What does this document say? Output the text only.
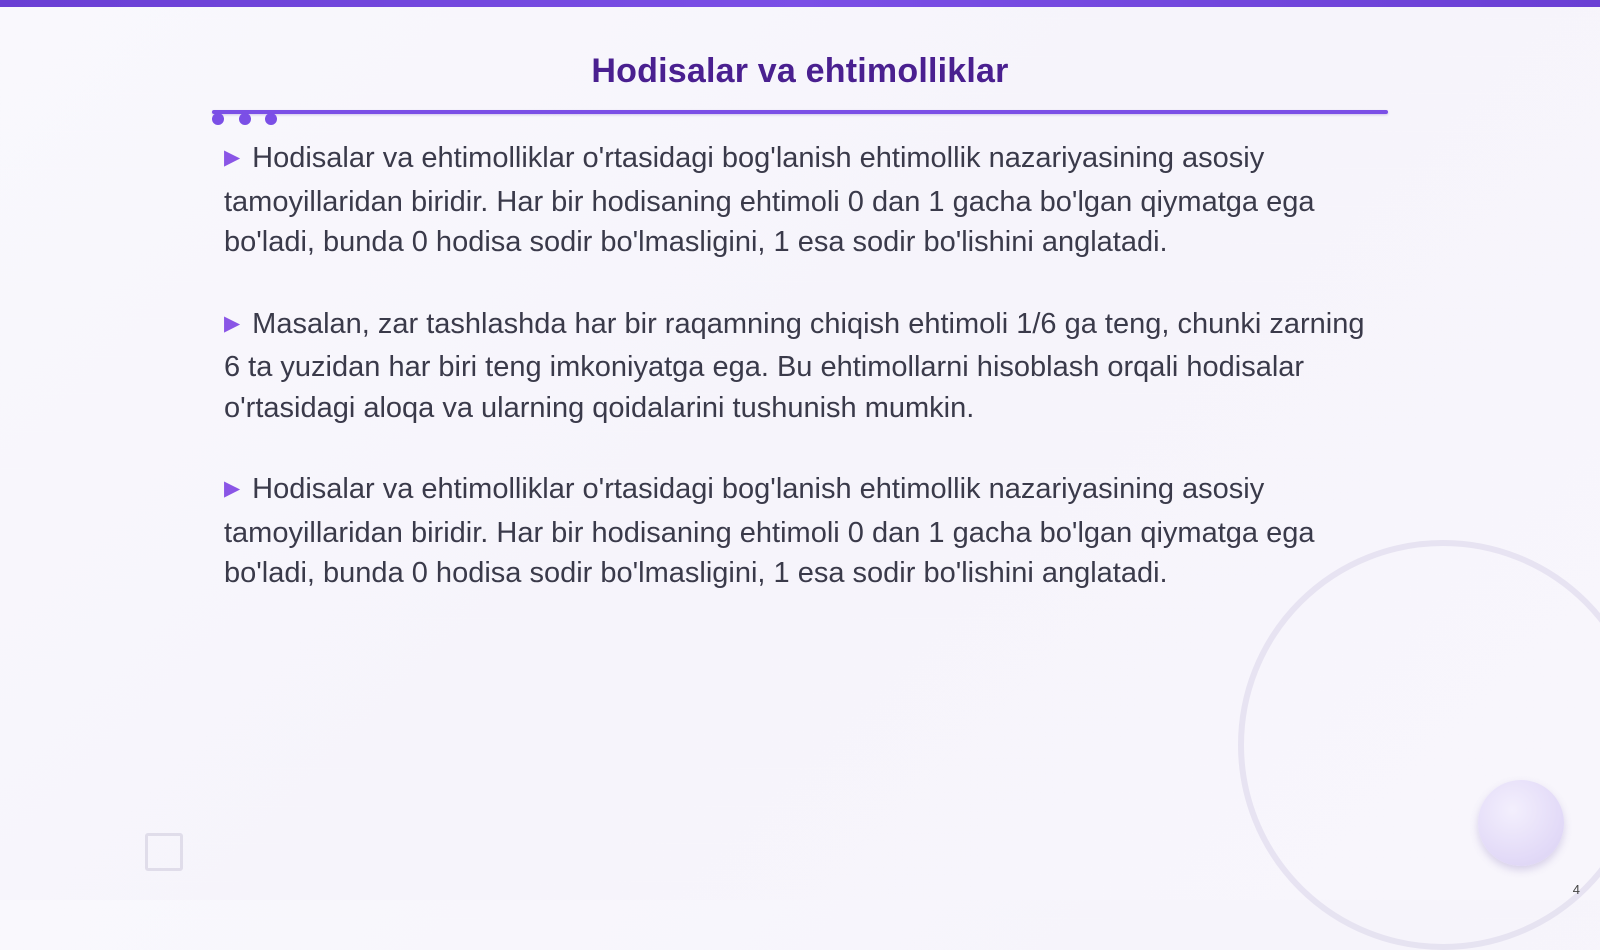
Hodisalar va ehtimolliklar

▶ Hodisalar va ehtimolliklar o'rtasidagi bog'lanish ehtimollik nazariyasining asosiy tamoyillaridan biridir. Har bir hodisaning ehtimoli 0 dan 1 gacha bo'lgan qiymatga ega bo'ladi, bunda 0 hodisa sodir bo'lmasligini, 1 esa sodir bo'lishini anglatadi.

▶ Masalan, zar tashlashda har bir raqamning chiqish ehtimoli 1/6 ga teng, chunki zarning 6 ta yuzidan har biri teng imkoniyatga ega. Bu ehtimollarni hisoblash orqali hodisalar o'rtasidagi aloqa va ularning qoidalarini tushunish mumkin.

▶ Hodisalar va ehtimolliklar o'rtasidagi bog'lanish ehtimollik nazariyasining asosiy tamoyillaridan biridir. Har bir hodisaning ehtimoli 0 dan 1 gacha bo'lgan qiymatga ega bo'ladi, bunda 0 hodisa sodir bo'lmasligini, 1 esa sodir bo'lishini anglatadi.

4
